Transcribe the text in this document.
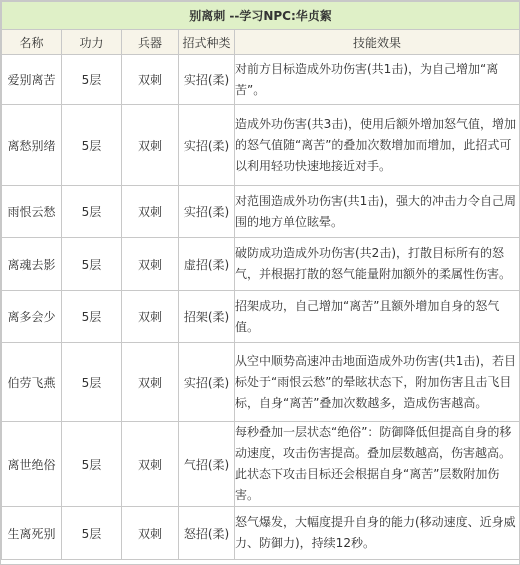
别离刺 --学习NPC:华贞絮				
名称	功力	兵器	招式种类	技能效果
爱别离苦	5层	双刺	实招(柔)	对前方目标造成外功伤害(共1击)，为自己增加“离苦”。
离愁别绪	5层	双刺	实招(柔)	造成外功伤害(共3击)，使用后额外增加怒气值，增加的怒气值随“离苦”的叠加次数增加而增加，此招式可以利用轻功快速地接近对手。
雨恨云愁	5层	双刺	实招(柔)	对范围造成外功伤害(共1击)，强大的冲击力令自己周围的地方单位眩晕。
离魂去影	5层	双刺	虚招(柔)	破防成功造成外功伤害(共2击)，打散目标所有的怒气，并根据打散的怒气能量附加额外的柔属性伤害。
离多会少	5层	双刺	招架(柔)	招架成功，自己增加“离苦”且额外增加自身的怒气值。
伯劳飞燕	5层	双刺	实招(柔)	从空中顺势高速冲击地面造成外功伤害(共1击)，若目标处于“雨恨云愁”的晕眩状态下，附加伤害且击飞目标，自身“离苦”叠加次数越多，造成伤害越高。
离世绝俗	5层	双刺	气招(柔)	每秒叠加一层状态“绝俗”：防御降低但提高自身的移动速度，攻击伤害提高。叠加层数越高，伤害越高。此状态下攻击目标还会根据自身“离苦”层数附加伤害。
生离死别	5层	双刺	怒招(柔)	怒气爆发，大幅度提升自身的能力(移动速度、近身威力、防御力)，持续12秒。
